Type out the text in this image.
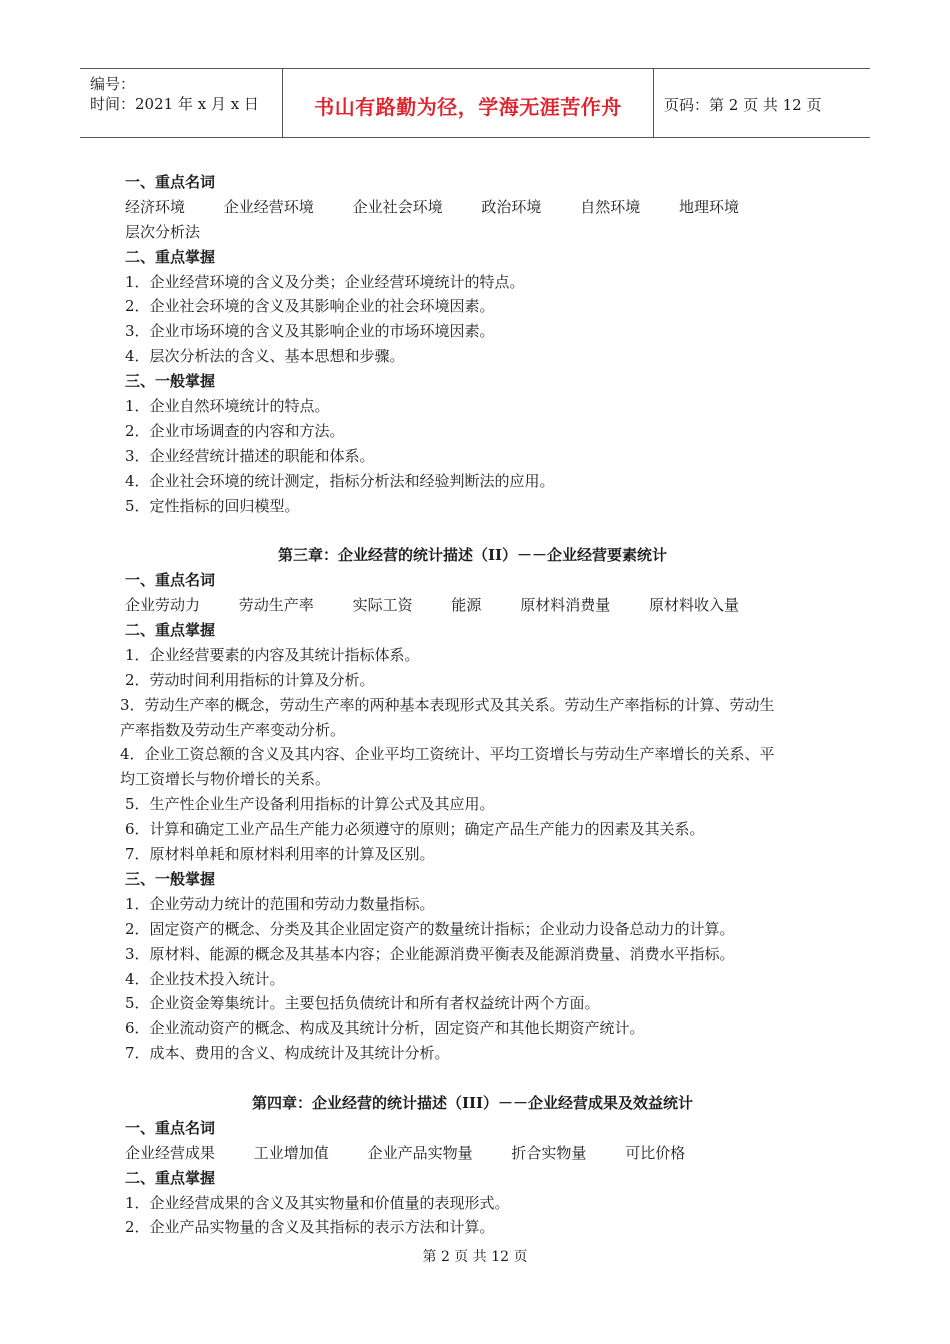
编号：
时间：2021 年 x 月 x 日	书山有路勤为径，学海无涯苦作舟	页码：第 2 页 共 12 页
一、重点名词
经济环境	企业经营环境	企业社会环境	政治环境	自然环境	地理环境
层次分析法
二、重点掌握
1．企业经营环境的含义及分类；企业经营环境统计的特点。
2．企业社会环境的含义及其影响企业的社会环境因素。
3．企业市场环境的含义及其影响企业的市场环境因素。
4．层次分析法的含义、基本思想和步骤。
三、一般掌握
1．企业自然环境统计的特点。
2．企业市场调查的内容和方法。
3．企业经营统计描述的职能和体系。
4．企业社会环境的统计测定，指标分析法和经验判断法的应用。
5．定性指标的回归模型。
第三章：企业经营的统计描述（II）－－企业经营要素统计
一、重点名词
企业劳动力	劳动生产率	实际工资	能源	原材料消费量	原材料收入量
二、重点掌握
1．企业经营要素的内容及其统计指标体系。
2．劳动时间利用指标的计算及分析。
3．劳动生产率的概念，劳动生产率的两种基本表现形式及其关系。劳动生产率指标的计算、劳动生
产率指数及劳动生产率变动分析。
4．企业工资总额的含义及其内容、企业平均工资统计、平均工资增长与劳动生产率增长的关系、平
均工资增长与物价增长的关系。
5．生产性企业生产设备利用指标的计算公式及其应用。
6．计算和确定工业产品生产能力必须遵守的原则；确定产品生产能力的因素及其关系。
7．原材料单耗和原材料利用率的计算及区别。
三、一般掌握
1．企业劳动力统计的范围和劳动力数量指标。
2．固定资产的概念、分类及其企业固定资产的数量统计指标；企业动力设备总动力的计算。
3．原材料、能源的概念及其基本内容；企业能源消费平衡表及能源消费量、消费水平指标。
4．企业技术投入统计。
5．企业资金筹集统计。主要包括负债统计和所有者权益统计两个方面。
6．企业流动资产的概念、构成及其统计分析，固定资产和其他长期资产统计。
7．成本、费用的含义、构成统计及其统计分析。
第四章：企业经营的统计描述（III）－－企业经营成果及效益统计
一、重点名词
企业经营成果	工业增加值	企业产品实物量	折合实物量	可比价格
二、重点掌握
1．企业经营成果的含义及其实物量和价值量的表现形式。
2．企业产品实物量的含义及其指标的表示方法和计算。
第 2 页 共 12 页
